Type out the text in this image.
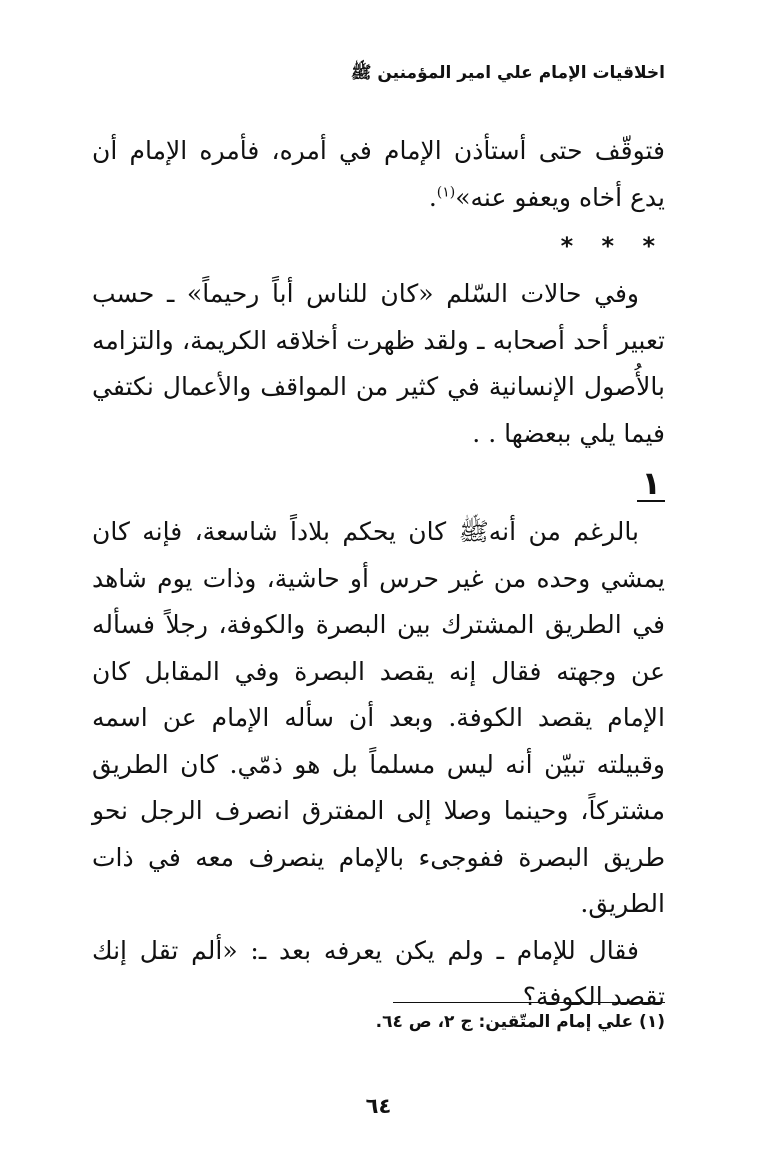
اخلاقيات الإمام علي امير المؤمنين ﷺ

فتوقّف حتى أستأذن الإمام في أمره، فأمره الإمام أن يدع أخاه ويعفو عنه»$^{(١)}$.

* * *

وفي حالات السّلم «كان للناس أباً رحيماً» ـ حسب تعبير أحد أصحابه ـ ولقد ظهرت أخلاقه الكريمة، والتزامه بالأُصول الإنسانية في كثير من المواقف والأعمال نكتفي فيما يلي ببعضها . .

١

بالرغم من أنهﷺ كان يحكم بلاداً شاسعة، فإنه كان يمشي وحده من غير حرس أو حاشية، وذات يوم شاهد في الطريق المشترك بين البصرة والكوفة، رجلاً فسأله عن وجهته فقال إنه يقصد البصرة وفي المقابل كان الإمام يقصد الكوفة. وبعد أن سأله الإمام عن اسمه وقبيلته تبيّن أنه ليس مسلماً بل هو ذمّي. كان الطريق مشتركاً، وحينما وصلا إلى المفترق انصرف الرجل نحو طريق البصرة ففوجىء بالإمام ينصرف معه في ذات الطريق.

فقال للإمام ـ ولم يكن يعرفه بعد ـ: «ألم تقل إنك تقصد الكوفة؟

(١) علي إمام المتّقين: ج ٢، ص ٦٤.
٦٤
